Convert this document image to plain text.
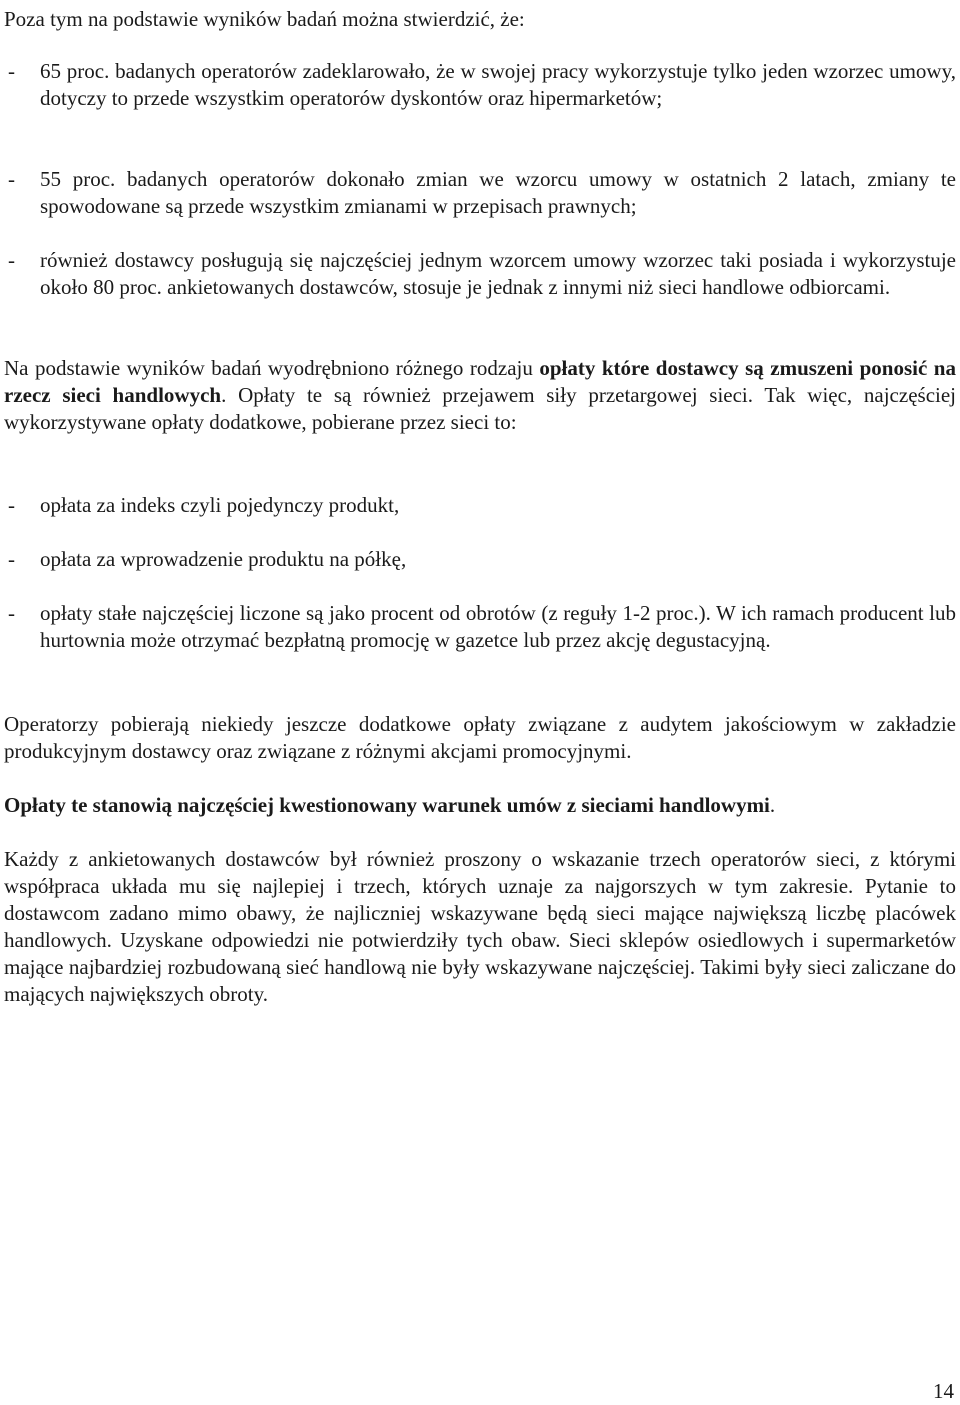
Poza tym na podstawie wyników badań można stwierdzić, że:

-	65 proc. badanych operatorów zadeklarowało, że w swojej pracy wykorzystuje tylko jeden wzorzec umowy, dotyczy to przede wszystkim operatorów dyskontów oraz hipermarketów;
-	55 proc. badanych operatorów dokonało zmian we wzorcu umowy w ostatnich 2 latach, zmiany te spowodowane są przede wszystkim zmianami w przepisach prawnych;
-	również dostawcy posługują się najczęściej jednym wzorcem umowy wzorzec taki posiada i wykorzystuje około 80 proc. ankietowanych dostawców, stosuje je jednak z innymi niż sieci handlowe odbiorcami.

Na podstawie wyników badań wyodrębniono różnego rodzaju opłaty które dostawcy są zmuszeni ponosić na rzecz sieci handlowych. Opłaty te są również przejawem siły przetargowej sieci. Tak więc, najczęściej wykorzystywane opłaty dodatkowe, pobierane przez sieci to:

-	opłata za indeks czyli pojedynczy produkt,
-	opłata za wprowadzenie produktu na półkę,
-	opłaty stałe najczęściej liczone są jako procent od obrotów (z reguły 1-2 proc.). W ich ramach producent lub hurtownia może otrzymać bezpłatną promocję w gazetce lub przez akcję degustacyjną.

Operatorzy pobierają niekiedy jeszcze dodatkowe opłaty związane z audytem jakościowym w zakładzie produkcyjnym dostawcy oraz związane z różnymi akcjami promocyjnymi.

Opłaty te stanowią najczęściej kwestionowany warunek umów z sieciami handlowymi.

Każdy z ankietowanych dostawców był również proszony o wskazanie trzech operatorów sieci, z którymi współpraca układa mu się najlepiej i trzech, których uznaje za najgorszych w tym zakresie. Pytanie to dostawcom zadano mimo obawy, że najliczniej wskazywane będą sieci mające największą liczbę placówek handlowych. Uzyskane odpowiedzi nie potwierdziły tych obaw. Sieci sklepów osiedlowych i supermarketów mające najbardziej rozbudowaną sieć handlową nie były wskazywane najczęściej. Takimi były sieci zaliczane do mających największych obroty.

14
